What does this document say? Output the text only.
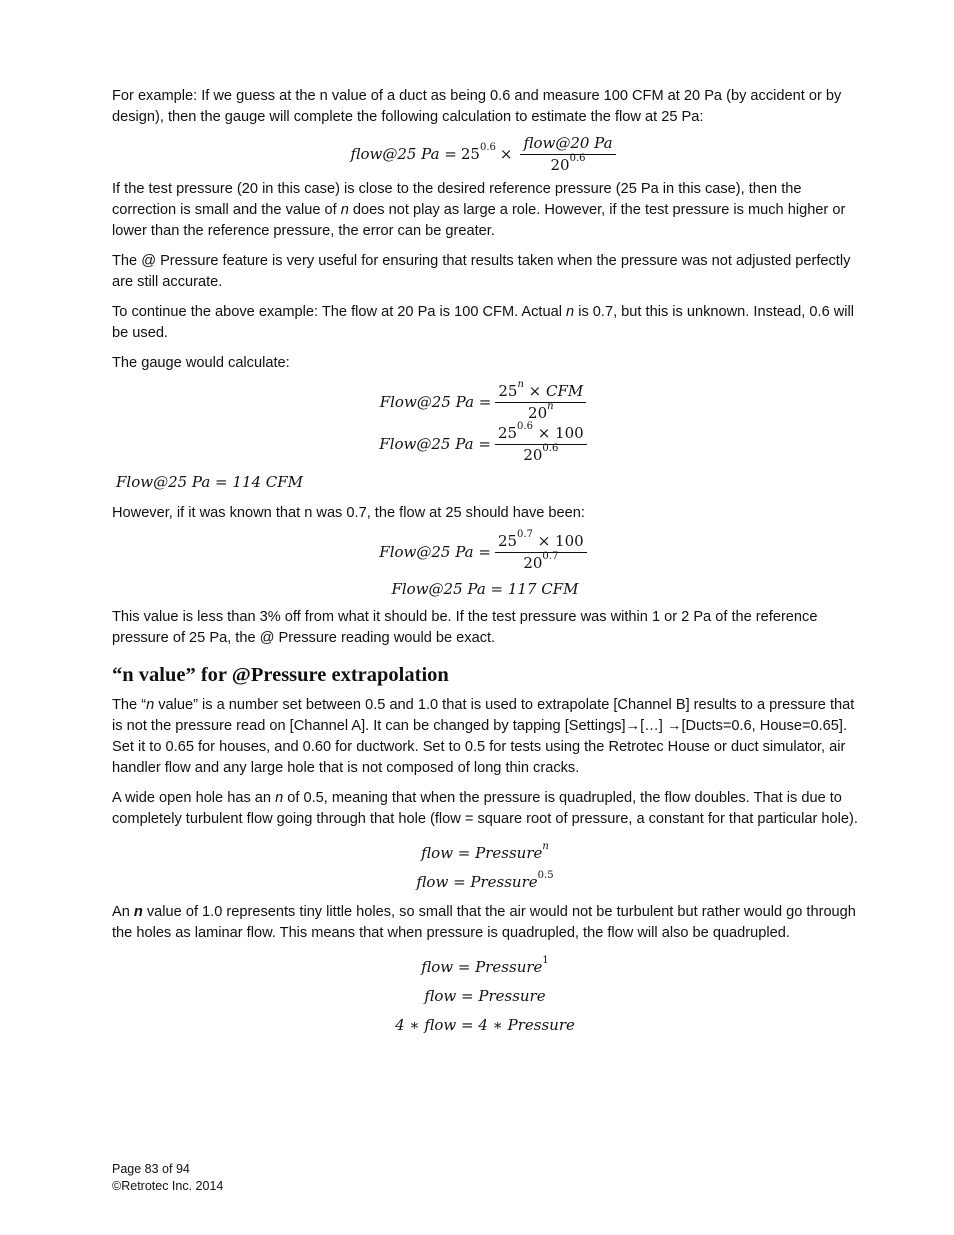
For example: If we guess at the n value of a duct as being 0.6 and measure 100 CFM at 20 Pa (by accident or by design), then the gauge will complete the following calculation to estimate the flow at 25 Pa:

flow@25 $Pa = 25^{0.6} \times \frac{\text{flow@20 Pa}}{20^{0.6}}$

If the test pressure (20 in this case) is close to the desired reference pressure (25 Pa in this case), then the correction is small and the value of n does not play as large a role. However, if the test pressure is much higher or lower than the reference pressure, the error can be greater.

The @ Pressure feature is very useful for ensuring that results taken when the pressure was not adjusted perfectly are still accurate.

To continue the above example: The flow at 20 Pa is 100 CFM. Actual n is 0.7, but this is unknown. Instead, 0.6 will be used.

The gauge would calculate:

Flow@25 $Pa = \frac{25^n \times CFM}{20^n}$
Flow@25 $Pa = \frac{25^{0.6} \times 100}{20^{0.6}}$
Flow@25 Pa = 114 CFM

However, if it was known that n was 0.7, the flow at 25 should have been:

Flow@25 $Pa = \frac{25^{0.7} \times 100}{20^{0.7}}$
Flow@25 Pa = 117 CFM

This value is less than 3% off from what it should be. If the test pressure was within 1 or 2 Pa of the reference pressure of 25 Pa, the @ Pressure reading would be exact.

“n value” for @Pressure extrapolation

The “n value” is a number set between 0.5 and 1.0 that is used to extrapolate [Channel B] results to a pressure that is not the pressure read on [Channel A]. It can be changed by tapping [Settings]→[…] →[Ducts=0.6, House=0.65]. Set it to 0.65 for houses, and 0.60 for ductwork. Set to 0.5 for tests using the Retrotec House or duct simulator, air handler flow and any large hole that is not composed of long thin cracks.

A wide open hole has an n of 0.5, meaning that when the pressure is quadrupled, the flow doubles. That is due to completely turbulent flow going through that hole (flow = square root of pressure, a constant for that particular hole).

flow = Pressure$^n$
flow = Pressure$^{0.5}$

An n value of 1.0 represents tiny little holes, so small that the air would not be turbulent but rather would go through the holes as laminar flow. This means that when pressure is quadrupled, the flow will also be quadrupled.

flow = Pressure$^1$
flow = Pressure
4 ∗ flow = 4 ∗ Pressure
Page 83 of 94
©Retrotec Inc. 2014
